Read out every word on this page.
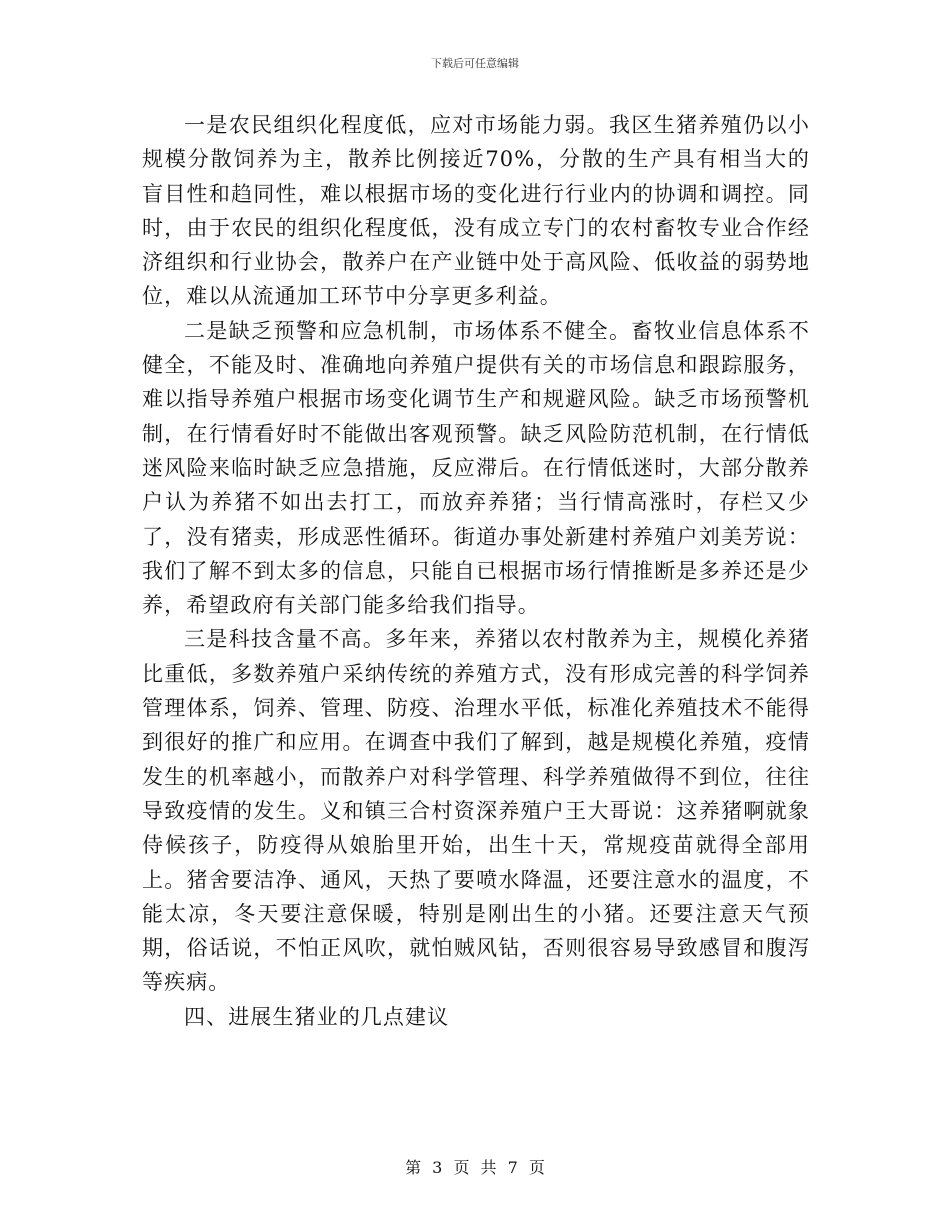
下载后可任意编辑

一是农民组织化程度低，应对市场能力弱。我区生猪养殖仍以小规模分散饲养为主，散养比例接近70%，分散的生产具有相当大的盲目性和趋同性，难以根据市场的变化进行行业内的协调和调控。同时，由于农民的组织化程度低，没有成立专门的农村畜牧专业合作经济组织和行业协会，散养户在产业链中处于高风险、低收益的弱势地位，难以从流通加工环节中分享更多利益。

二是缺乏预警和应急机制，市场体系不健全。畜牧业信息体系不健全，不能及时、准确地向养殖户提供有关的市场信息和跟踪服务，难以指导养殖户根据市场变化调节生产和规避风险。缺乏市场预警机制，在行情看好时不能做出客观预警。缺乏风险防范机制，在行情低迷风险来临时缺乏应急措施，反应滞后。在行情低迷时，大部分散养户认为养猪不如出去打工，而放弃养猪；当行情高涨时，存栏又少了，没有猪卖，形成恶性循环。街道办事处新建村养殖户刘美芳说：我们了解不到太多的信息，只能自已根据市场行情推断是多养还是少养，希望政府有关部门能多给我们指导。

三是科技含量不高。多年来，养猪以农村散养为主，规模化养猪比重低，多数养殖户采纳传统的养殖方式，没有形成完善的科学饲养管理体系，饲养、管理、防疫、治理水平低，标准化养殖技术不能得到很好的推广和应用。在调查中我们了解到，越是规模化养殖，疫情发生的机率越小，而散养户对科学管理、科学养殖做得不到位，往往导致疫情的发生。义和镇三合村资深养殖户王大哥说：这养猪啊就象侍候孩子，防疫得从娘胎里开始，出生十天，常规疫苗就得全部用上。猪舍要洁净、通风，天热了要喷水降温，还要注意水的温度，不能太凉，冬天要注意保暖，特别是刚出生的小猪。还要注意天气预期，俗话说，不怕正风吹，就怕贼风钻，否则很容易导致感冒和腹泻等疾病。

四、进展生猪业的几点建议

第 3 页 共 7 页
